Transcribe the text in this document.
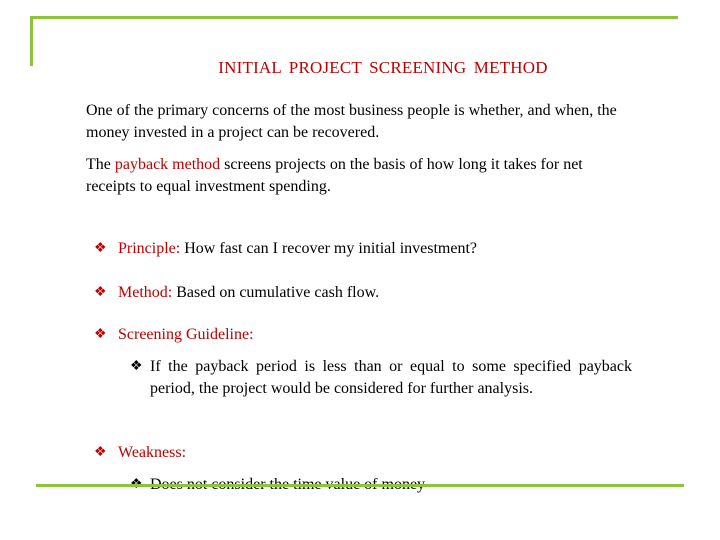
INITIAL PROJECT SCREENING METHOD
One of the primary concerns of the most business people is whether, and when, the money invested in a project can be recovered.
The payback method screens projects on the basis of how long it takes for net receipts to equal investment spending.
❖ Principle: How fast can I recover my initial investment?
❖ Method: Based on cumulative cash flow.
❖ Screening Guideline:
❖ If the payback period is less than or equal to some specified payback period, the project would be considered for further analysis.
❖ Weakness:
